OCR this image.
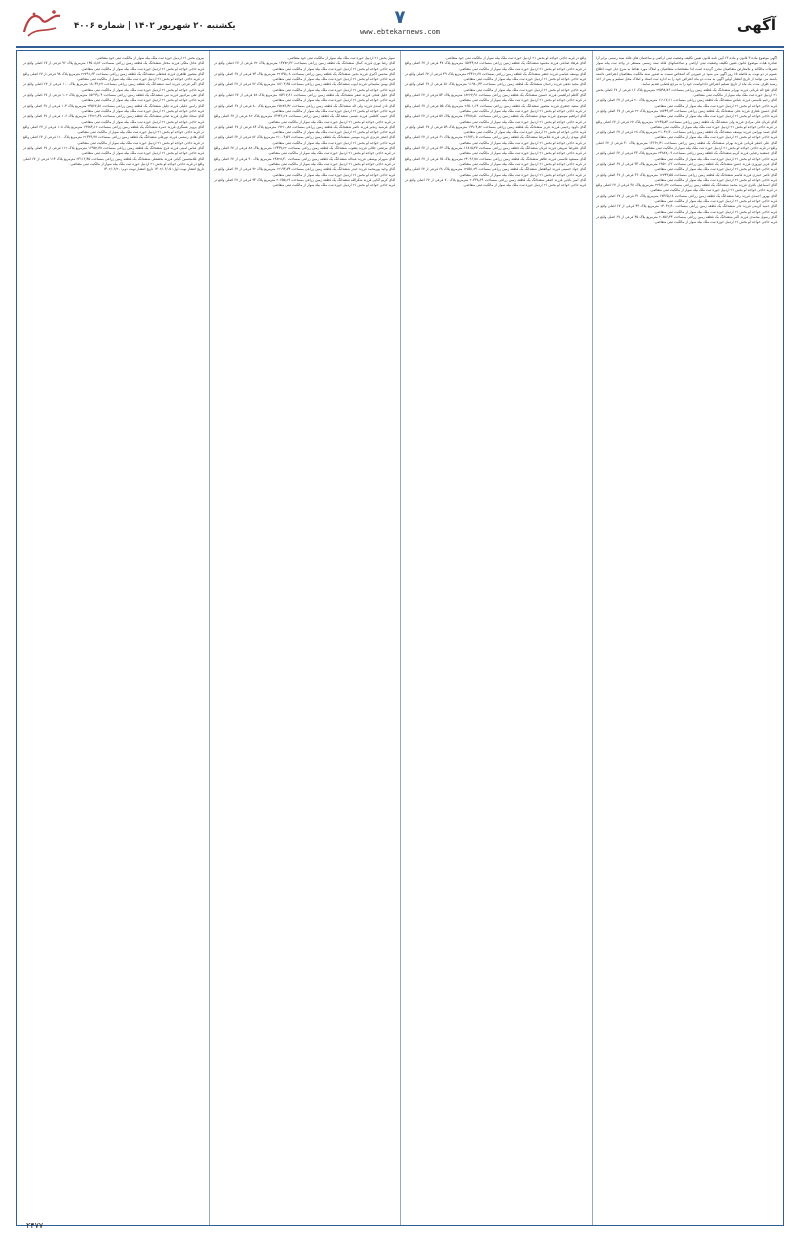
آگهی
۷
www.ebtekarnews.com
یکشنبه ۲۰ شهریور ۱۴۰۲ | شماره ۴۰۰۶

آگهی موضوع ماده ۳ قانون و ماده ۱۳ آیین نامه قانون تعیین تکلیف وضعیت ثبتی اراضی و ساختمان های فاقد سند رسمی برابر آرا صادره هیات موضوع قانون تعیین تکلیف وضعیت ثبتی اراضی و ساختمانهای فاقد سند رسمی مستقر در واحد ثبت بیله سوار تصرفات مالکانه و بلامعارض متقاضیان محرز گردیده است لذا مشخصات متقاضیان و املاک مورد تقاضا به شرح ذیل جهت اطلاع عموم در دو نوبت به فاصله ۱۵ روز آگهی می شود در صورتی که اشخاص نسبت به صدور سند مالکیت متقاضیان اعتراضی داشته باشند می توانند از تاریخ انتشار اولین آگهی به مدت دو ماه اعتراض خود را به اداره ثبت اسناد و املاک محل تسلیم و پس از اخذ رسید ظرف مدت یک ماه از تاریخ تسلیم اعتراض دادخواست خود را به مرجع قضایی تقدیم نمایند.

آقای فتح اله قربانی فرزند بهرام ششدانگ یک قطعه زمین زراعی بمساحت ۲۷۵۹۸٫۷۶ مترمربع پلاک ۱۶ فرعی از ۶۷ اصلی بخش ۲۱ اردبیل حوزه ثبت ملک بیله سوار از مالکیت ثبتی متقاضی.

آقای رحیم قاسمی فرزند عباس ششدانگ یک قطعه زمین زراعی بمساحت ۱۱۱۱۷٫۱۱ مترمربع پلاک ۲۰ فرعی از ۶۷ اصلی واقع در قریه حاجی خواجه لو بخش ۲۱ اردبیل حوزه ثبت ملک بیله سوار از مالکیت ثبتی متقاضی.

آقای حسین غفاری فرزند علی ششدانگ یک قطعه زمین زراعی بمساحت ۱۸۷۴۹٫۲۴ مترمربع پلاک ۲۲ فرعی از ۶۷ اصلی واقع در قریه حاجی خواجه لو بخش ۲۱ اردبیل حوزه ثبت ملک بیله سوار از مالکیت ثبتی متقاضی.

آقای قربان علی مرادی فرزند ولی ششدانگ یک قطعه زمین زراعی بمساحت ۱۶۲۴۵٫۸۳ مترمربع پلاک ۲۷ فرعی از ۶۷ اصلی واقع در قریه حاجی خواجه لو بخش ۲۱ اردبیل حوزه ثبت ملک بیله سوار از مالکیت ثبتی متقاضی.

آقای صمد بهرامی فرزند یوسف ششدانگ یک قطعه زمین زراعی بمساحت ۲۱۰۴۲٫۳۰ مترمربع پلاک ۲۸ فرعی از ۶۷ اصلی واقع در قریه حاجی خواجه لو بخش ۲۱ اردبیل حوزه ثبت ملک بیله سوار از مالکیت ثبتی متقاضی.

آقای علی اصغر قربانی فرزند بهرام ششدانگ یک قطعه زمین زراعی بمساحت ۱۳۶۶۲٫۴۱ مترمربع پلاک ۳۰ فرعی از ۶۷ اصلی واقع در قریه حاجی خواجه لو بخش ۲۱ اردبیل حوزه ثبت ملک بیله سوار از مالکیت ثبتی متقاضی.

آقای جمشید رضایی فرزند کریم ششدانگ یک قطعه زمین زراعی بمساحت ۲۴۸۸۷٫۰۹ مترمربع پلاک ۳۳ فرعی از ۶۷ اصلی واقع در قریه حاجی خواجه لو بخش ۲۱ اردبیل حوزه ثبت ملک بیله سوار از مالکیت ثبتی متقاضی.

آقای عزیز نوروزی فرزند حسن ششدانگ یک قطعه زمین زراعی بمساحت ۱۹۵۲۰٫۶۶ مترمربع پلاک ۳۴ فرعی از ۶۷ اصلی واقع در قریه حاجی خواجه لو بخش ۲۱ اردبیل حوزه ثبت ملک بیله سوار از مالکیت ثبتی متقاضی.

آقای ناصر حیدری فرزند قاسم ششدانگ یک قطعه زمین زراعی بمساحت ۱۲۷۴۳٫۵۵ مترمربع پلاک ۳۶ فرعی از ۶۷ اصلی واقع در قریه حاجی خواجه لو بخش ۲۱ اردبیل حوزه ثبت ملک بیله سوار از مالکیت ثبتی متقاضی.

آقای اسماعیل باقری فرزند محمد ششدانگ یک قطعه زمین زراعی بمساحت ۲۲۹۸۱٫۷۲ مترمربع پلاک ۳۸ فرعی از ۶۷ اصلی واقع در قریه حاجی خواجه لو بخش ۲۱ اردبیل حوزه ثبت ملک بیله سوار از مالکیت ثبتی متقاضی.

آقای بهروز احمدی فرزند رضا ششدانگ یک قطعه زمین زراعی بمساحت ۱۷۴۶۵٫۱۸ مترمربع پلاک ۴۱ فرعی از ۶۷ اصلی واقع در قریه حاجی خواجه لو بخش ۲۱ اردبیل حوزه ثبت ملک بیله سوار از مالکیت ثبتی متقاضی.

آقای حمید کریمی فرزند نادر ششدانگ یک قطعه زمین زراعی بمساحت ۱۴۰۳۲٫۹۰ مترمربع پلاک ۴۳ فرعی از ۶۷ اصلی واقع در قریه حاجی خواجه لو بخش ۲۱ اردبیل حوزه ثبت ملک بیله سوار از مالکیت ثبتی متقاضی.

آقای رسول محمدی فرزند اکبر ششدانگ یک قطعه زمین زراعی بمساحت ۲۰۸۵۶٫۴۴ مترمربع پلاک ۴۵ فرعی از ۶۷ اصلی واقع در قریه حاجی خواجه لو بخش ۲۱ اردبیل حوزه ثبت ملک بیله سوار از مالکیت ثبتی متقاضی.

واقع در قریه حاجی خواجه لو بخش ۲۱ اردبیل حوزه ثبت ملک بیله سوار از مالکیت ثبتی خود متقاضی.

آقای فرهاد صادقی فرزند محمود ششدانگ یک قطعه زمین زراعی بمساحت ۱۵۷۳۴٫۲۸ مترمربع پلاک ۴۷ فرعی از ۶۷ اصلی واقع در قریه حاجی خواجه لو بخش ۲۱ اردبیل حوزه ثبت ملک بیله سوار از مالکیت ثبتی متقاضی.

آقای یوسف عباسی فرزند جعفر ششدانگ یک قطعه زمین زراعی بمساحت ۲۳۴۱۲٫۶۷ مترمربع پلاک ۴۹ فرعی از ۶۷ اصلی واقع در قریه حاجی خواجه لو بخش ۲۱ اردبیل حوزه ثبت ملک بیله سوار از مالکیت ثبتی متقاضی.

آقای مجید نجفی فرزند رحمان ششدانگ یک قطعه زمین زراعی بمساحت ۱۱۹۸۰٫۳۳ مترمربع پلاک ۵۱ فرعی از ۶۷ اصلی واقع در قریه حاجی خواجه لو بخش ۲۱ اردبیل حوزه ثبت ملک بیله سوار از مالکیت ثبتی متقاضی.

آقای کاظم ابراهیمی فرزند حسین ششدانگ یک قطعه زمین زراعی بمساحت ۱۸۲۲۷٫۹۱ مترمربع پلاک ۵۳ فرعی از ۶۷ اصلی واقع در قریه حاجی خواجه لو بخش ۲۱ اردبیل حوزه ثبت ملک بیله سوار از مالکیت ثبتی متقاضی.

آقای سعید جعفری فرزند منصور ششدانگ یک قطعه زمین زراعی بمساحت ۲۶۵۰۱٫۱۴ مترمربع پلاک ۵۵ فرعی از ۶۷ اصلی واقع در قریه حاجی خواجه لو بخش ۲۱ اردبیل حوزه ثبت ملک بیله سوار از مالکیت ثبتی متقاضی.

آقای ابراهیم موسوی فرزند مهدی ششدانگ یک قطعه زمین زراعی بمساحت ۱۳۳۸۸٫۵۰ مترمربع پلاک ۵۷ فرعی از ۶۷ اصلی واقع در قریه حاجی خواجه لو بخش ۲۱ اردبیل حوزه ثبت ملک بیله سوار از مالکیت ثبتی متقاضی.

آقای داوود رحیمی فرزند عزیز ششدانگ یک قطعه زمین زراعی بمساحت ۱۹۹۰۴٫۸۲ مترمربع پلاک ۵۹ فرعی از ۶۷ اصلی واقع در قریه حاجی خواجه لو بخش ۲۱ اردبیل حوزه ثبت ملک بیله سوار از مالکیت ثبتی متقاضی.

آقای مهدی زارعی فرزند غلامرضا ششدانگ یک قطعه زمین زراعی بمساحت ۲۱۶۷۳٫۰۵ مترمربع پلاک ۶۱ فرعی از ۶۷ اصلی واقع در قریه حاجی خواجه لو بخش ۲۱ اردبیل حوزه ثبت ملک بیله سوار از مالکیت ثبتی متقاضی.

آقای علیرضا شریفی فرزند قربان ششدانگ یک قطعه زمین زراعی بمساحت ۱۶۸۱۵٫۴۷ مترمربع پلاک ۶۳ فرعی از ۶۷ اصلی واقع در قریه حاجی خواجه لو بخش ۲۱ اردبیل حوزه ثبت ملک بیله سوار از مالکیت ثبتی متقاضی.

آقای مسعود قاسمی فرزند طاهر ششدانگ یک قطعه زمین زراعی بمساحت ۲۴۰۹۶٫۷۸ مترمربع پلاک ۶۵ فرعی از ۶۷ اصلی واقع در قریه حاجی خواجه لو بخش ۲۱ اردبیل حوزه ثبت ملک بیله سوار از مالکیت ثبتی متقاضی.

آقای جواد حسینی فرزند ابوالفضل ششدانگ یک قطعه زمین زراعی بمساحت ۱۲۵۵۱٫۲۳ مترمربع پلاک ۶۸ فرعی از ۶۷ اصلی واقع در قریه حاجی خواجه لو بخش ۲۱ اردبیل حوزه ثبت ملک بیله سوار از مالکیت ثبتی متقاضی.

آقای امیر بابایی فرزند اصغر ششدانگ یک قطعه زمین زراعی بمساحت ۲۰۳۳۸٫۶۹ مترمربع پلاک ۷۰ فرعی از ۶۷ اصلی واقع در قریه حاجی خواجه لو بخش ۲۱ اردبیل حوزه ثبت ملک بیله سوار از مالکیت ثبتی متقاضی.

سوار بخش ۲۱ اردبیل حوزه ثبت ملک بیله سوار از مالکیت ثبتی خود متقاضی.

آقای رضا نوری فرزند کمال ششدانگ یک قطعه زمین زراعی بمساحت ۱۴۷۷۲٫۳۶ مترمربع پلاک ۷۲ فرعی از ۶۷ اصلی واقع در قریه حاجی خواجه لو بخش ۲۱ اردبیل حوزه ثبت ملک بیله سوار از مالکیت ثبتی متقاضی.

آقای محسن اکبری فرزند یحیی ششدانگ یک قطعه زمین زراعی بمساحت ۲۲۱۴۵٫۰۸ مترمربع پلاک ۷۴ فرعی از ۶۷ اصلی واقع در قریه حاجی خواجه لو بخش ۲۱ اردبیل حوزه ثبت ملک بیله سوار از مالکیت ثبتی متقاضی.

آقای بهمن سلیمانی فرزند ایوب ششدانگ یک قطعه زمین زراعی بمساحت ۱۸۶۰۳٫۹۵ مترمربع پلاک ۷۶ فرعی از ۶۷ اصلی واقع در قریه حاجی خواجه لو بخش ۲۱ اردبیل حوزه ثبت ملک بیله سوار از مالکیت ثبتی متقاضی.

آقای خلیل فتحی فرزند صفر ششدانگ یک قطعه زمین زراعی بمساحت ۱۵۳۱۷٫۶۱ مترمربع پلاک ۷۸ فرعی از ۶۷ اصلی واقع در قریه حاجی خواجه لو بخش ۲۱ اردبیل حوزه ثبت ملک بیله سوار از مالکیت ثبتی متقاضی.

آقای نادر اسدی فرزند ولی اله ششدانگ یک قطعه زمین زراعی بمساحت ۲۵۲۸۹٫۴۲ مترمربع پلاک ۸۰ فرعی از ۶۷ اصلی واقع در قریه حاجی خواجه لو بخش ۲۱ اردبیل حوزه ثبت ملک بیله سوار از مالکیت ثبتی متقاضی.

آقای حبیب کاظمی فرزند عیسی ششدانگ یک قطعه زمین زراعی بمساحت ۱۳۹۴۶٫۱۷ مترمربع پلاک ۸۲ فرعی از ۶۷ اصلی واقع در قریه حاجی خواجه لو بخش ۲۱ اردبیل حوزه ثبت ملک بیله سوار از مالکیت ثبتی متقاضی.

آقای فرشید رنجبر فرزند ناصر ششدانگ یک قطعه زمین زراعی بمساحت ۱۹۲۱۰٫۸۸ مترمربع پلاک ۸۴ فرعی از ۶۷ اصلی واقع در قریه حاجی خواجه لو بخش ۲۱ اردبیل حوزه ثبت ملک بیله سوار از مالکیت ثبتی متقاضی.

آقای اصغر عزیزی فرزند موسی ششدانگ یک قطعه زمین زراعی بمساحت ۲۱۰۰۴٫۵۹ مترمربع پلاک ۸۶ فرعی از ۶۷ اصلی واقع در قریه حاجی خواجه لو بخش ۲۱ اردبیل حوزه ثبت ملک بیله سوار از مالکیت ثبتی متقاضی.

آقای مرتضی جلالی فرزند یعقوب ششدانگ یک قطعه زمین زراعی بمساحت ۱۶۴۳۷٫۲۲ مترمربع پلاک ۸۸ فرعی از ۶۷ اصلی واقع در قریه حاجی خواجه لو بخش ۲۱ اردبیل حوزه ثبت ملک بیله سوار از مالکیت ثبتی متقاضی.

آقای شهرام یوسفی فرزند عبداله ششدانگ یک قطعه زمین زراعی بمساحت ۲۳۸۲۸٫۳۰ مترمربع پلاک ۹۰ فرعی از ۶۷ اصلی واقع در قریه حاجی خواجه لو بخش ۲۱ اردبیل حوزه ثبت ملک بیله سوار از مالکیت ثبتی متقاضی.

آقای وحید پورمحمد فرزند حیدر ششدانگ یک قطعه زمین زراعی بمساحت ۱۲۱۹۳٫۷۴ مترمربع پلاک ۹۲ فرعی از ۶۷ اصلی واقع در قریه حاجی خواجه لو بخش ۲۱ اردبیل حوزه ثبت ملک بیله سوار از مالکیت ثبتی متقاضی.

آقای کریم آقایی فرزند شکرالله ششدانگ یک قطعه زمین زراعی بمساحت ۲۰۶۵۵٫۱۹ مترمربع پلاک ۹۴ فرعی از ۶۷ اصلی واقع در قریه حاجی خواجه لو بخش ۲۱ اردبیل حوزه ثبت ملک بیله سوار از مالکیت ثبتی متقاضی.

بیرون بخش ۲۱ اردبیل حوزه ثبت ملک بیله سوار از مالکیت ثبتی خود متقاضی.

آقای عادل ملکی فرزند مختار ششدانگ یک قطعه زمین زراعی بمساحت ۱۴۵۰۸٫۸۶ مترمربع پلاک ۹۶ فرعی از ۶۷ اصلی واقع در قریه حاجی خواجه لو بخش ۲۱ اردبیل حوزه ثبت ملک بیله سوار از مالکیت ثبتی متقاضی.

آقای منصور طاهری فرزند فتحعلی ششدانگ یک قطعه زمین زراعی بمساحت ۲۲۷۹۱٫۶۳ مترمربع پلاک ۹۸ فرعی از ۶۷ اصلی واقع در قریه حاجی خواجه لو بخش ۲۱ اردبیل حوزه ثبت ملک بیله سوار از مالکیت ثبتی متقاضی.

آقای اکبر فرجی فرزند اسد ششدانگ یک قطعه زمین زراعی بمساحت ۱۸۰۴۳٫۲۷ مترمربع پلاک ۱۰۰ فرعی از ۶۷ اصلی واقع در قریه حاجی خواجه لو بخش ۲۱ اردبیل حوزه ثبت ملک بیله سوار از مالکیت ثبتی متقاضی.

آقای تقی مرادپور فرزند نبی ششدانگ یک قطعه زمین زراعی بمساحت ۱۵۶۹۹٫۰۴ مترمربع پلاک ۱۰۲ فرعی از ۶۷ اصلی واقع در قریه حاجی خواجه لو بخش ۲۱ اردبیل حوزه ثبت ملک بیله سوار از مالکیت ثبتی متقاضی.

آقای رامین خلیلی فرزند جلیل ششدانگ یک قطعه زمین زراعی بمساحت ۲۴۵۶۷٫۵۱ مترمربع پلاک ۱۰۴ فرعی از ۶۷ اصلی واقع در قریه حاجی خواجه لو بخش ۲۱ اردبیل حوزه ثبت ملک بیله سوار از مالکیت ثبتی متقاضی.

آقای سجاد نظری فرزند صابر ششدانگ یک قطعه زمین زراعی بمساحت ۱۳۲۲۱٫۴۸ مترمربع پلاک ۱۰۶ فرعی از ۶۷ اصلی واقع در قریه حاجی خواجه لو بخش ۲۱ اردبیل حوزه ثبت ملک بیله سوار از مالکیت ثبتی متقاضی.

آقای پرویز عسگری فرزند حمزه ششدانگ یک قطعه زمین زراعی بمساحت ۱۹۷۸۴٫۱۲ مترمربع پلاک ۱۰۸ فرعی از ۶۷ اصلی واقع در قریه حاجی خواجه لو بخش ۲۱ اردبیل حوزه ثبت ملک بیله سوار از مالکیت ثبتی متقاضی.

آقای هادی رستمی فرزند نورعلی ششدانگ یک قطعه زمین زراعی بمساحت ۲۱۳۳۹٫۹۷ مترمربع پلاک ۱۱۰ فرعی از ۶۷ اصلی واقع در قریه حاجی خواجه لو بخش ۲۱ اردبیل حوزه ثبت ملک بیله سوار از مالکیت ثبتی متقاضی.

آقای عباس امینی فرزند فرج ششدانگ یک قطعه زمین زراعی بمساحت ۱۶۹۵۲٫۳۸ مترمربع پلاک ۱۱۲ فرعی از ۶۷ اصلی واقع در قریه حاجی خواجه لو بخش ۲۱ اردبیل حوزه ثبت ملک بیله سوار از مالکیت ثبتی متقاضی.

آقای غلامحسین کیانی فرزند بخشعلی ششدانگ یک قطعه زمین زراعی بمساحت ۲۳۱۱۶٫۴۵ مترمربع پلاک ۱۱۴ فرعی از ۶۷ اصلی واقع در قریه حاجی خواجه لو بخش ۲۱ اردبیل حوزه ثبت ملک بیله سوار از مالکیت ثبتی متقاضی.

تاریخ انتشار نوبت اول: ۱۴۰۲/۰۶/۰۵ تاریخ انتشار نوبت دوم: ۱۴۰۲/۰۶/۲۰

۲۴۷۷
